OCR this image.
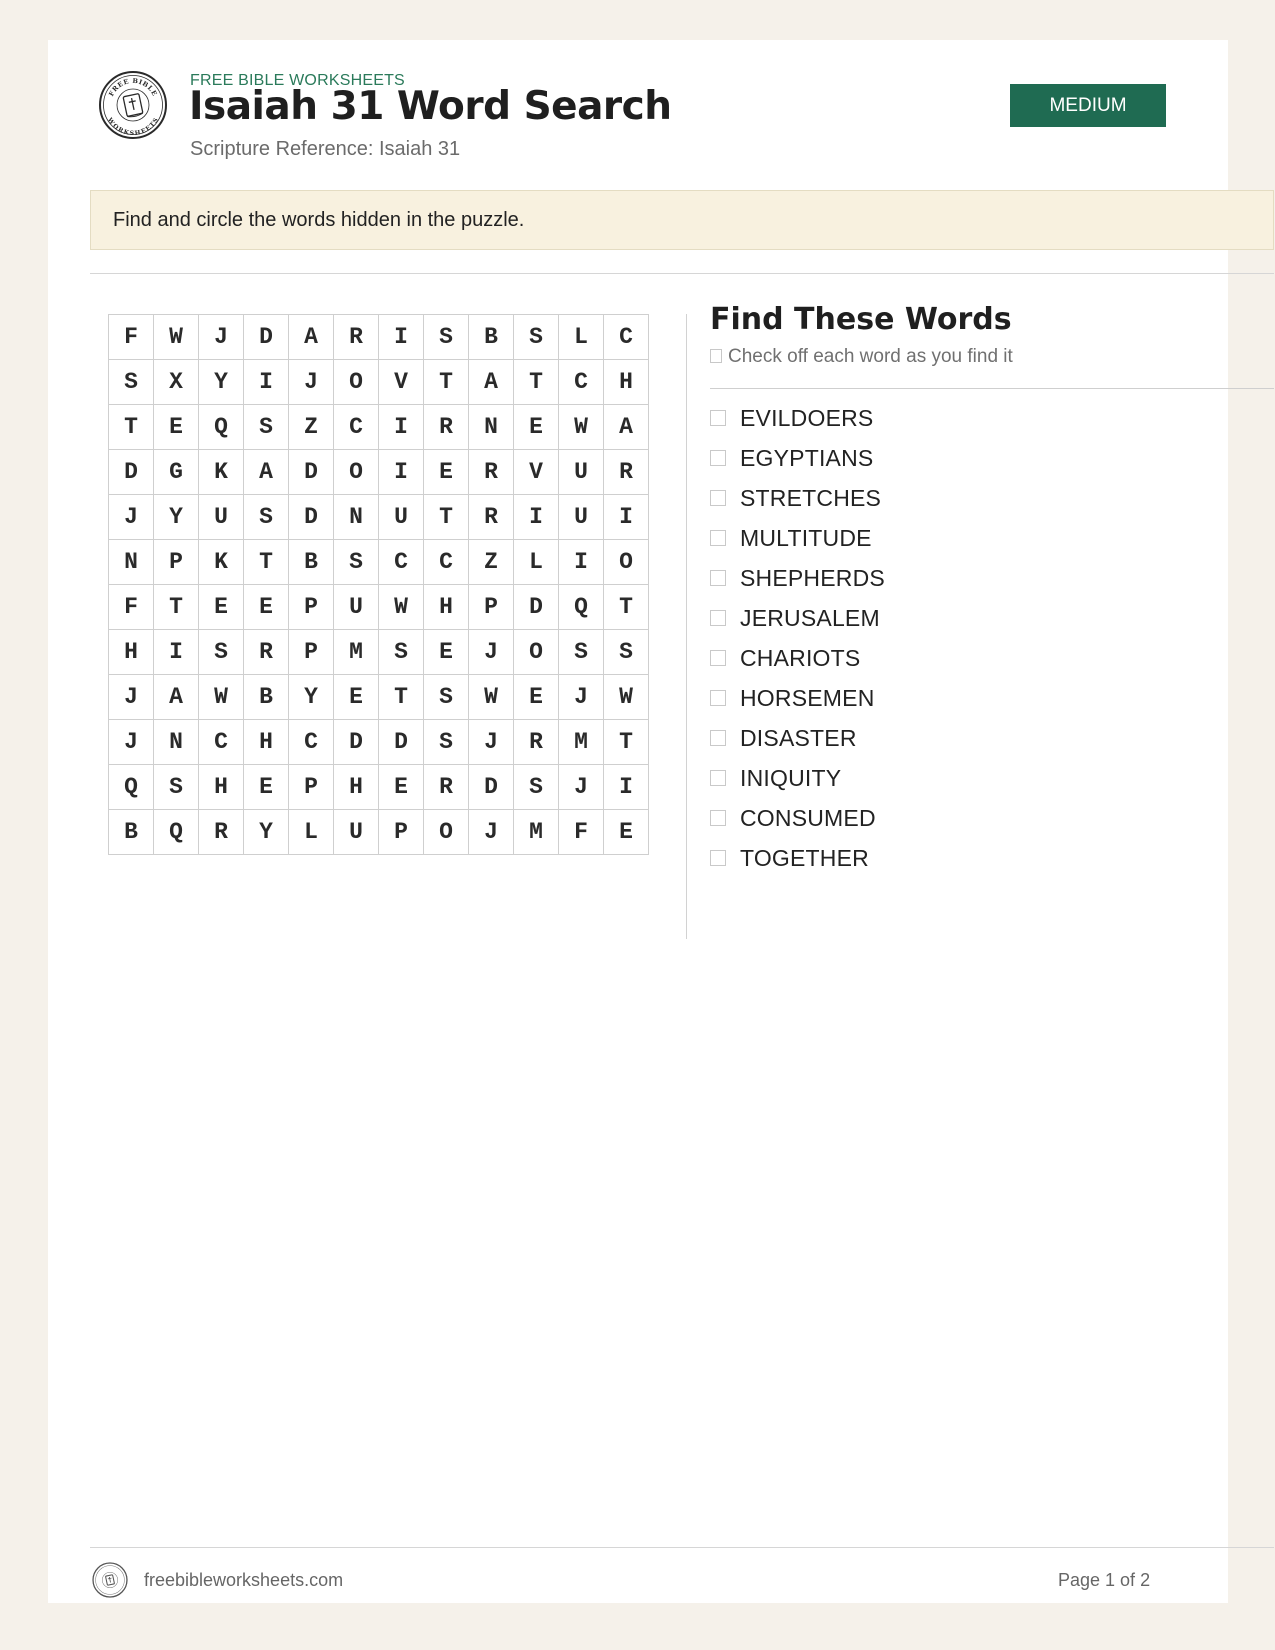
FREE BIBLE
WORKSHEETS
FREE BIBLE WORKSHEETS
Isaiah 31 Word Search
Scripture Reference: Isaiah 31
MEDIUM
Find and circle the words hidden in the puzzle.
F	W	J	D	A	R	I	S	B	S	L	C
S	X	Y	I	J	O	V	T	A	T	C	H
T	E	Q	S	Z	C	I	R	N	E	W	A
D	G	K	A	D	O	I	E	R	V	U	R
J	Y	U	S	D	N	U	T	R	I	U	I
N	P	K	T	B	S	C	C	Z	L	I	O
F	T	E	E	P	U	W	H	P	D	Q	T
H	I	S	R	P	M	S	E	J	O	S	S
J	A	W	B	Y	E	T	S	W	E	J	W
J	N	C	H	C	D	D	S	J	R	M	T
Q	S	H	E	P	H	E	R	D	S	J	I
B	Q	R	Y	L	U	P	O	J	M	F	E
Find These Words
Check off each word as you find it
EVILDOERS
EGYPTIANS
STRETCHES
MULTITUDE
SHEPHERDS
JERUSALEM
CHARIOTS
HORSEMEN
DISASTER
INIQUITY
CONSUMED
TOGETHER
freebibleworksheets.com	Page 1 of 2
